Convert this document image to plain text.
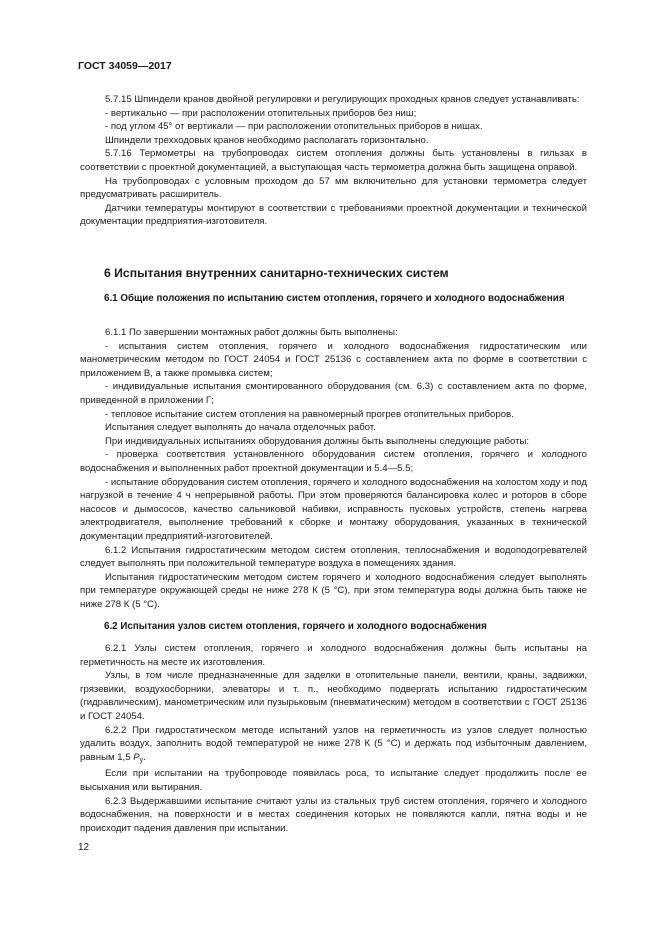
ГОСТ 34059—2017

5.7.15 Шпиндели кранов двойной регулировки и регулирующих проходных кранов следует устанавливать:

- вертикально — при расположении отопительных приборов без ниш;

- под углом 45° от вертикали — при расположении отопительных приборов в нишах.

Шпиндели трехходовых кранов необходимо располагать горизонтально.

5.7.16 Термометры на трубопроводах систем отопления должны быть установлены в гильзах в соответствии с проектной документацией, а выступающая часть термометра должна быть защищена оправой.

На трубопроводах с условным проходом до 57 мм включительно для установки термометра следует предусматривать расширитель.

Датчики температуры монтируют в соответствии с требованиями проектной документации и технической документации предприятия-изготовителя.

6 Испытания внутренних санитарно-технических систем
6.1 Общие положения по испытанию систем отопления, горячего и холодного водоснабжения

6.1.1 По завершении монтажных работ должны быть выполнены:

- испытания систем отопления, горячего и холодного водоснабжения гидростатическим или манометрическим методом по ГОСТ 24054 и ГОСТ 25136 с составлением акта по форме в соответствии с приложением В, а также промывка систем;

- индивидуальные испытания смонтированного оборудования (см. 6.3) с составлением акта по форме, приведенной в приложении Г;

- тепловое испытание систем отопления на равномерный прогрев отопительных приборов.

Испытания следует выполнять до начала отделочных работ.

При индивидуальных испытаниях оборудования должны быть выполнены следующие работы:

- проверка соответствия установленного оборудования систем отопления, горячего и холодного водоснабжения и выполненных работ проектной документации и 5.4—5.5;

- испытание оборудования систем отопления, горячего и холодного водоснабжения на холостом ходу и под нагрузкой в течение 4 ч непрерывной работы. При этом проверяются балансировка колес и роторов в сборе насосов и дымососов, качество сальниковой набивки, исправность пусковых устройств, степень нагрева электродвигателя, выполнение требований к сборке и монтажу оборудования, указанных в технической документации предприятий-изготовителей.

6.1.2 Испытания гидростатическим методом систем отопления, теплоснабжения и водоподогревателей следует выполнять при положительной температуре воздуха в помещениях здания.

Испытания гидростатическим методом систем горячего и холодного водоснабжения следует выполнять при температуре окружающей среды не ниже 278 К (5 °С), при этом температура воды должна быть также не ниже 278 К (5 °С).

6.2 Испытания узлов систем отопления, горячего и холодного водоснабжения

6.2.1 Узлы систем отопления, горячего и холодного водоснабжения должны быть испытаны на герметичность на месте их изготовления.

Узлы, в том числе предназначенные для заделки в отопительные панели, вентили, краны, задвижки, грязевики, воздухосборники, элеваторы и т. п., необходимо подвергать испытанию гидростатическим (гидравлическим), манометрическим или пузырьковым (пневматическим) методом в соответствии с ГОСТ 25136 и ГОСТ 24054.

6.2.2 При гидростатическом методе испытаний узлов на герметичность из узлов следует полностью удалить воздух, заполнить водой температурой не ниже 278 К (5 °С) и держать под избыточным давлением, равным 1,5 $P_у$.

Если при испытании на трубопроводе появилась роса, то испытание следует продолжить после ее высыхания или вытирания.

6.2.3 Выдержавшими испытание считают узлы из стальных труб систем отопления, горячего и холодного водоснабжения, на поверхности и в местах соединения которых не появляются капли, пятна воды и не происходит падения давления при испытании.

12
